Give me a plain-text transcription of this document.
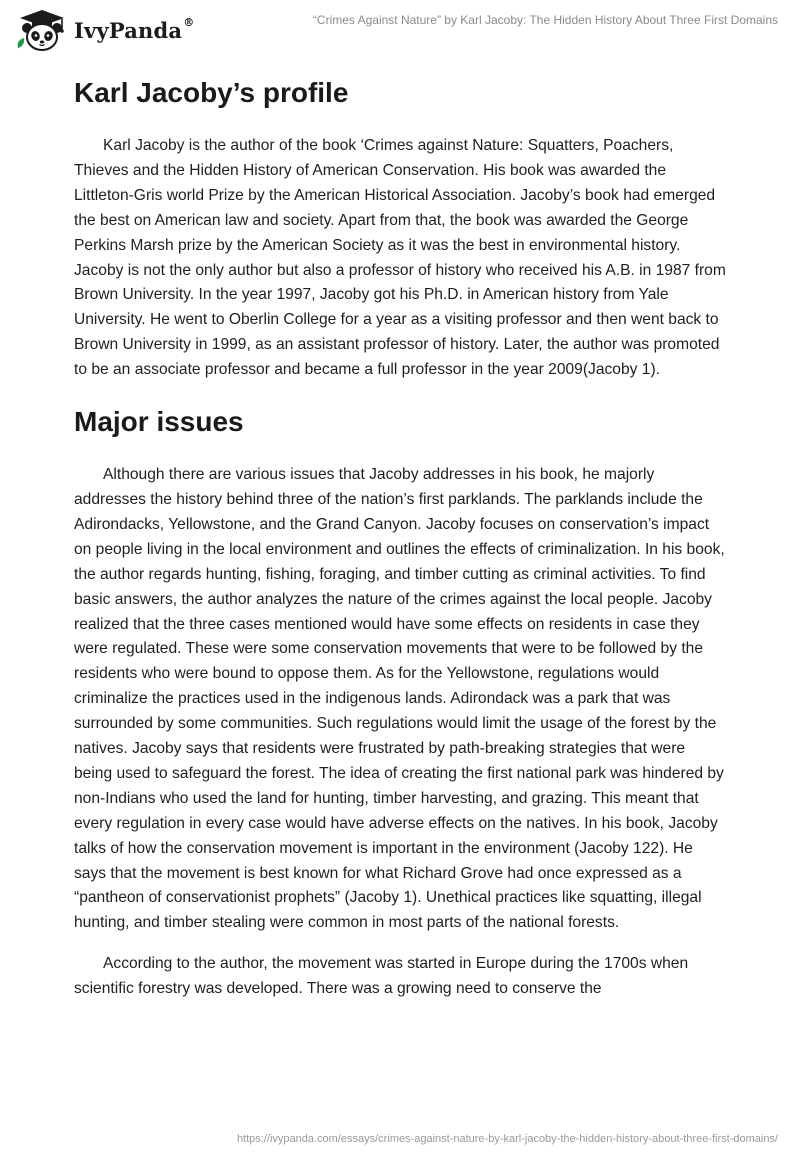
IvyPanda®	“Crimes Against Nature” by Karl Jacoby: The Hidden History About Three First Domains
Karl Jacoby’s profile

Karl Jacoby is the author of the book ‘Crimes against Nature: Squatters, Poachers, Thieves and the Hidden History of American Conservation. His book was awarded the Littleton-Gris world Prize by the American Historical Association. Jacoby’s book had emerged the best on American law and society. Apart from that, the book was awarded the George Perkins Marsh prize by the American Society as it was the best in environmental history. Jacoby is not the only author but also a professor of history who received his A.B. in 1987 from Brown University. In the year 1997, Jacoby got his Ph.D. in American history from Yale University. He went to Oberlin College for a year as a visiting professor and then went back to Brown University in 1999, as an assistant professor of history. Later, the author was promoted to be an associate professor and became a full professor in the year 2009(Jacoby 1).

Major issues

Although there are various issues that Jacoby addresses in his book, he majorly addresses the history behind three of the nation’s first parklands. The parklands include the Adirondacks, Yellowstone, and the Grand Canyon. Jacoby focuses on conservation’s impact on people living in the local environment and outlines the effects of criminalization. In his book, the author regards hunting, fishing, foraging, and timber cutting as criminal activities. To find basic answers, the author analyzes the nature of the crimes against the local people. Jacoby realized that the three cases mentioned would have some effects on residents in case they were regulated. These were some conservation movements that were to be followed by the residents who were bound to oppose them. As for the Yellowstone, regulations would criminalize the practices used in the indigenous lands. Adirondack was a park that was surrounded by some communities. Such regulations would limit the usage of the forest by the natives. Jacoby says that residents were frustrated by path-breaking strategies that were being used to safeguard the forest. The idea of creating the first national park was hindered by non-Indians who used the land for hunting, timber harvesting, and grazing. This meant that every regulation in every case would have adverse effects on the natives. In his book, Jacoby talks of how the conservation movement is important in the environment (Jacoby 122). He says that the movement is best known for what Richard Grove had once expressed as a “pantheon of conservationist prophets” (Jacoby 1). Unethical practices like squatting, illegal hunting, and timber stealing were common in most parts of the national forests.

According to the author, the movement was started in Europe during the 1700s when scientific forestry was developed. There was a growing need to conserve the

https://ivypanda.com/essays/crimes-against-nature-by-karl-jacoby-the-hidden-history-about-three-first-domains/
